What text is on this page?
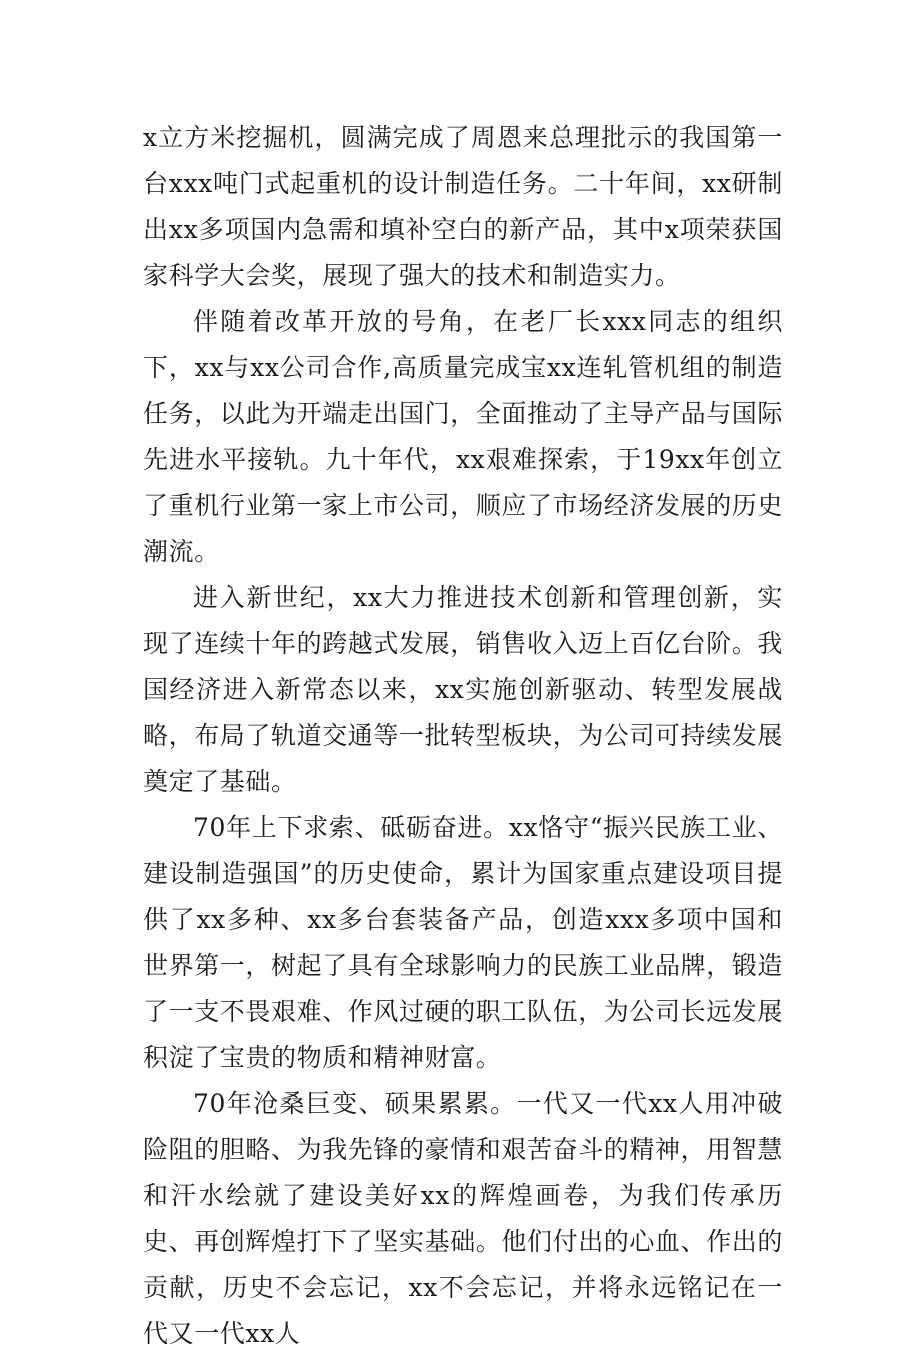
x立方米挖掘机，圆满完成了周恩来总理批示的我国第一台xxx吨门式起重机的设计制造任务。二十年间，xx研制出xx多项国内急需和填补空白的新产品，其中x项荣获国家科学大会奖，展现了强大的技术和制造实力。

伴随着改革开放的号角，在老厂长xxx同志的组织下，xx与xx公司合作,高质量完成宝xx连轧管机组的制造任务，以此为开端走出国门，全面推动了主导产品与国际先进水平接轨。九十年代，xx艰难探索，于19xx年创立了重机行业第一家上市公司，顺应了市场经济发展的历史潮流。

进入新世纪，xx大力推进技术创新和管理创新，实现了连续十年的跨越式发展，销售收入迈上百亿台阶。我国经济进入新常态以来，xx实施创新驱动、转型发展战略，布局了轨道交通等一批转型板块，为公司可持续发展奠定了基础。

70年上下求索、砥砺奋进。xx恪守“振兴民族工业、建设制造强国”的历史使命，累计为国家重点建设项目提供了xx多种、xx多台套装备产品，创造xxx多项中国和世界第一，树起了具有全球影响力的民族工业品牌，锻造了一支不畏艰难、作风过硬的职工队伍，为公司长远发展积淀了宝贵的物质和精神财富。

70年沧桑巨变、硕果累累。一代又一代xx人用冲破险阻的胆略、为我先锋的豪情和艰苦奋斗的精神，用智慧和汗水绘就了建设美好xx的辉煌画卷，为我们传承历史、再创辉煌打下了坚实基础。他们付出的心血、作出的贡献，历史不会忘记，xx不会忘记，并将永远铭记在一代又一代xx人
